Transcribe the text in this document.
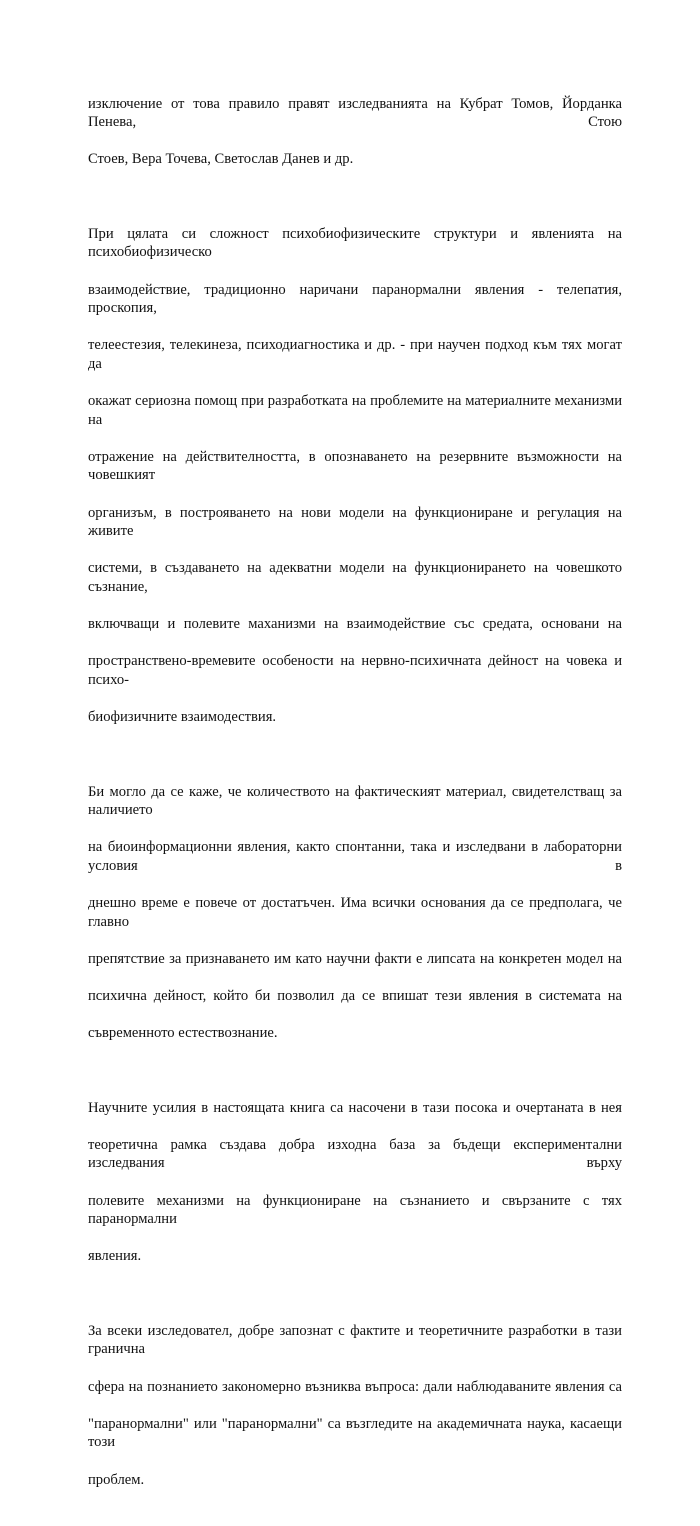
изключение от това правило правят изследванията на Кубрат Томов, Йорданка Пенева, Стою

Стоев, Вера Точева, Светослав Данев и др.

При цялата си сложност психобиофизическите структури и явленията на психобиофизическо

взаимодействие, традиционно наричани паранормални явления - телепатия, проскопия,

телеестезия, телекинеза, психодиагностика и др. - при научен подход към тях могат да

окажат сериозна помощ при разработката на проблемите на материалните механизми на

отражение на действителността, в опознаването на резервните възможности на човешкият

организъм, в построяването на нови модели на функциониране и регулация на живите

системи, в създаването на адекватни модели на функционирането на човешкото съзнание,

включващи и полевите маханизми на взаимодействие със средата, основани на

пространствено-времевите особености на нервно-психичната дейност на човека и психо-

биофизичните взаимодествия.

Би могло да се каже, че количеството на фактическият материал, свидетелстващ за наличието

на биоинформационни явления, както спонтанни, така и изследвани в лабораторни условия в

днешно време е повече от достатъчен. Има всички основания да се предполага, че главно

препятствие за признаването им като научни факти е липсата на конкретен модел на

психична дейност, който би позволил да се впишат тези явления в системата на

съвременното естествознание.

Научните усилия в настоящата книга са насочени в тази посока и очертаната в нея

теоретична рамка създава добра изходна база за бъдещи експериментални изследвания върху

полевите механизми на функциониране на съзнанието и свързаните с тях паранормални

явления.

За всеки изследовател, добре запознат с фактите и теоретичните разработки в тази гранична

сфера на познанието закономерно възниква въпроса: дали наблюдаваните явления са

"паранормални" или "паранормални" са възгледите на академичната наука, касаещи този

проблем.
